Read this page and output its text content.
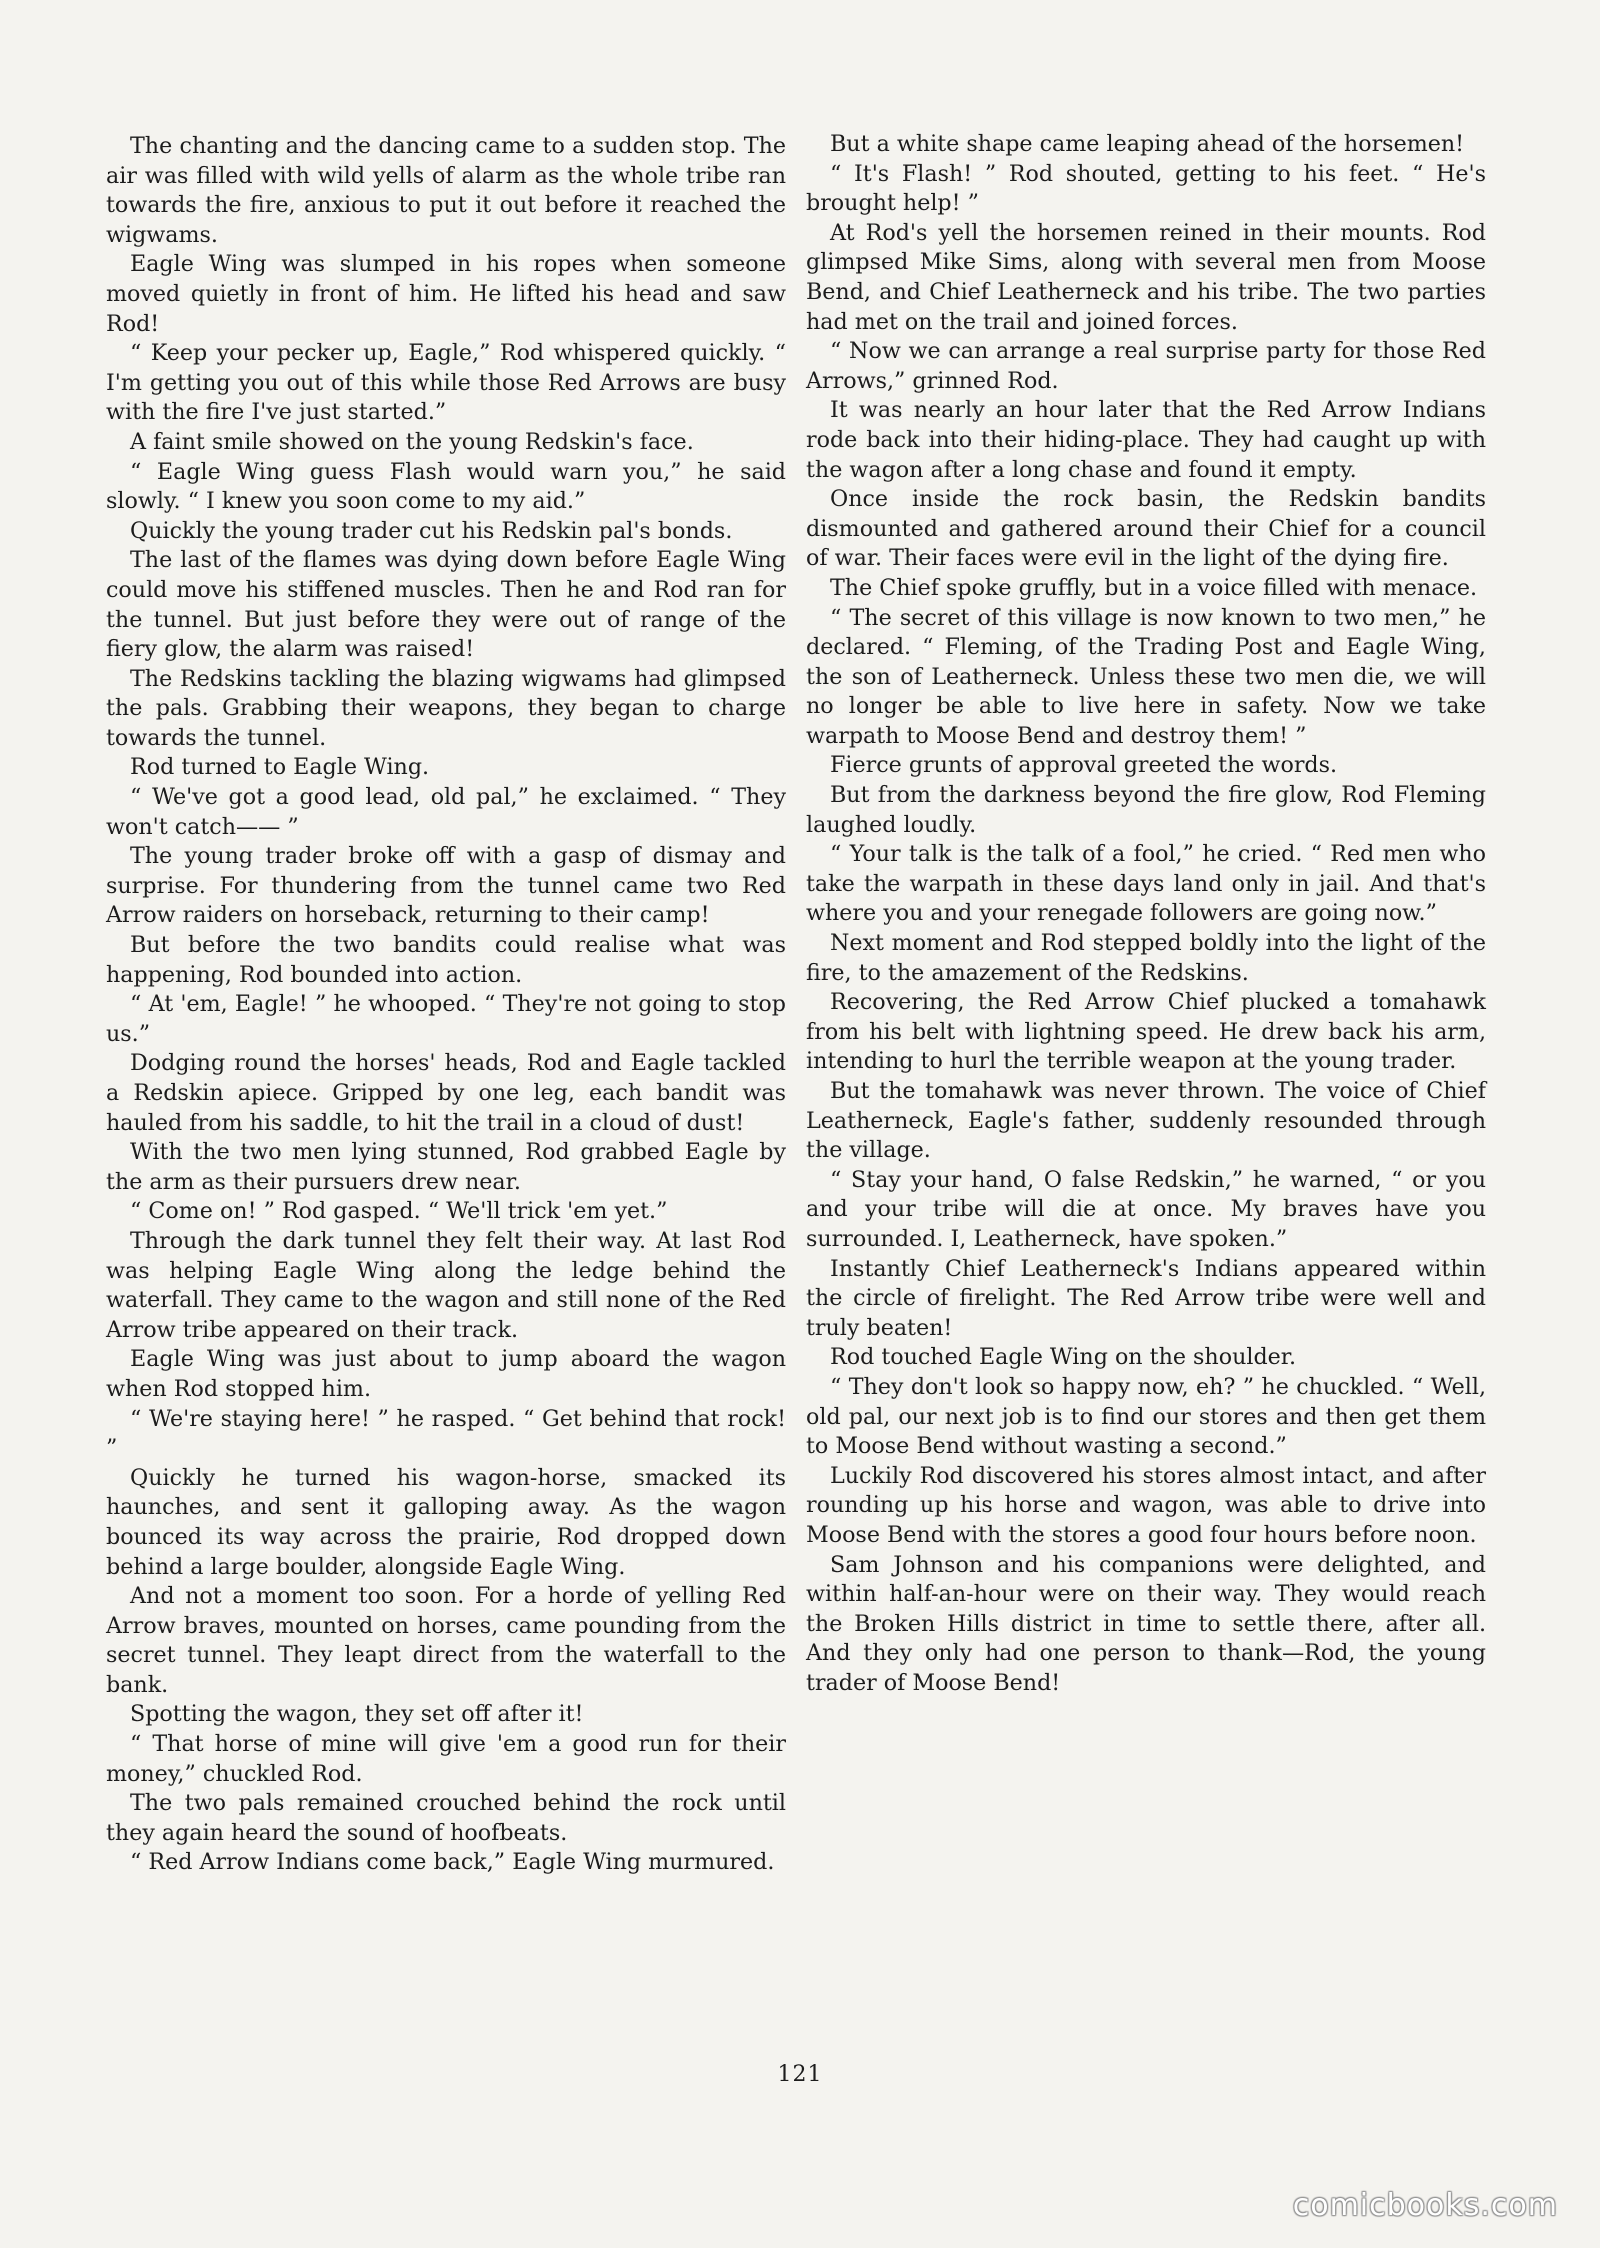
The chanting and the dancing came to a sudden stop. The air was filled with wild yells of alarm as the whole tribe ran towards the fire, anxious to put it out before it reached the wigwams.

Eagle Wing was slumped in his ropes when someone moved quietly in front of him. He lifted his head and saw Rod!

“ Keep your pecker up, Eagle,” Rod whispered quickly. “ I'm getting you out of this while those Red Arrows are busy with the fire I've just started.”

A faint smile showed on the young Redskin's face.

“ Eagle Wing guess Flash would warn you,” he said slowly. “ I knew you soon come to my aid.”

Quickly the young trader cut his Redskin pal's bonds.

The last of the flames was dying down before Eagle Wing could move his stiffened muscles. Then he and Rod ran for the tunnel. But just before they were out of range of the fiery glow, the alarm was raised!

The Redskins tackling the blazing wigwams had glimpsed the pals. Grabbing their weapons, they began to charge towards the tunnel.

Rod turned to Eagle Wing.

“ We've got a good lead, old pal,” he exclaimed. “ They won't catch—— ”

The young trader broke off with a gasp of dismay and surprise. For thundering from the tunnel came two Red Arrow raiders on horseback, returning to their camp!

But before the two bandits could realise what was happening, Rod bounded into action.

“ At 'em, Eagle! ” he whooped. “ They're not going to stop us.”

Dodging round the horses' heads, Rod and Eagle tackled a Redskin apiece. Gripped by one leg, each bandit was hauled from his saddle, to hit the trail in a cloud of dust!

With the two men lying stunned, Rod grabbed Eagle by the arm as their pursuers drew near.

“ Come on! ” Rod gasped. “ We'll trick 'em yet.”

Through the dark tunnel they felt their way. At last Rod was helping Eagle Wing along the ledge behind the waterfall. They came to the wagon and still none of the Red Arrow tribe appeared on their track.

Eagle Wing was just about to jump aboard the wagon when Rod stopped him.

“ We're staying here! ” he rasped. “ Get behind that rock! ”

Quickly he turned his wagon-horse, smacked its haunches, and sent it galloping away. As the wagon bounced its way across the prairie, Rod dropped down behind a large boulder, alongside Eagle Wing.

And not a moment too soon. For a horde of yelling Red Arrow braves, mounted on horses, came pounding from the secret tunnel. They leapt direct from the waterfall to the bank.

Spotting the wagon, they set off after it!

“ That horse of mine will give 'em a good run for their money,” chuckled Rod.

The two pals remained crouched behind the rock until they again heard the sound of hoofbeats.

“ Red Arrow Indians come back,” Eagle Wing murmured.

But a white shape came leaping ahead of the horsemen!

“ It's Flash! ” Rod shouted, getting to his feet. “ He's brought help! ”

At Rod's yell the horsemen reined in their mounts. Rod glimpsed Mike Sims, along with several men from Moose Bend, and Chief Leatherneck and his tribe. The two parties had met on the trail and joined forces.

“ Now we can arrange a real surprise party for those Red Arrows,” grinned Rod.

It was nearly an hour later that the Red Arrow Indians rode back into their hiding-place. They had caught up with the wagon after a long chase and found it empty.

Once inside the rock basin, the Redskin bandits dismounted and gathered around their Chief for a council of war. Their faces were evil in the light of the dying fire.

The Chief spoke gruffly, but in a voice filled with menace.

“ The secret of this village is now known to two men,” he declared. “ Fleming, of the Trading Post and Eagle Wing, the son of Leatherneck. Unless these two men die, we will no longer be able to live here in safety. Now we take warpath to Moose Bend and destroy them! ”

Fierce grunts of approval greeted the words.

But from the darkness beyond the fire glow, Rod Fleming laughed loudly.

“ Your talk is the talk of a fool,” he cried. “ Red men who take the warpath in these days land only in jail. And that's where you and your renegade followers are going now.”

Next moment and Rod stepped boldly into the light of the fire, to the amazement of the Redskins.

Recovering, the Red Arrow Chief plucked a tomahawk from his belt with lightning speed. He drew back his arm, intending to hurl the terrible weapon at the young trader.

But the tomahawk was never thrown. The voice of Chief Leatherneck, Eagle's father, suddenly resounded through the village.

“ Stay your hand, O false Redskin,” he warned, “ or you and your tribe will die at once. My braves have you surrounded. I, Leatherneck, have spoken.”

Instantly Chief Leatherneck's Indians appeared within the circle of firelight. The Red Arrow tribe were well and truly beaten!

Rod touched Eagle Wing on the shoulder.

“ They don't look so happy now, eh? ” he chuckled. “ Well, old pal, our next job is to find our stores and then get them to Moose Bend without wasting a second.”

Luckily Rod discovered his stores almost intact, and after rounding up his horse and wagon, was able to drive into Moose Bend with the stores a good four hours before noon.

Sam Johnson and his companions were delighted, and within half-an-hour were on their way. They would reach the Broken Hills district in time to settle there, after all. And they only had one person to thank—Rod, the young trader of Moose Bend!

121
comicbooks.com
